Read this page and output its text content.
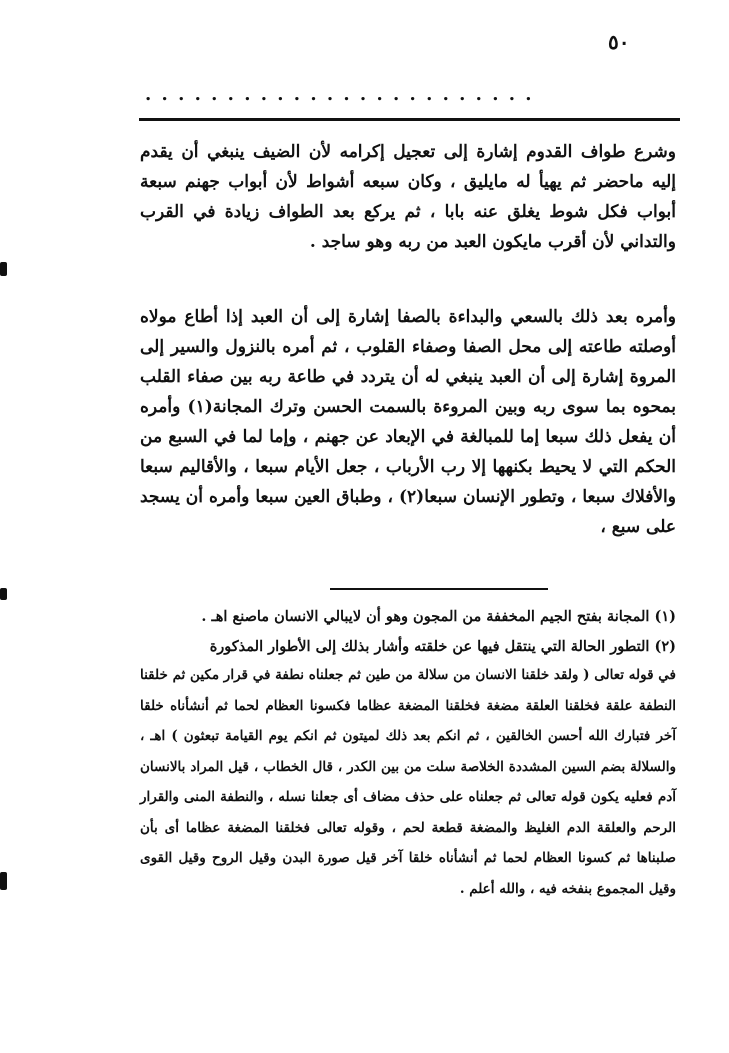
٥٠
. . . . . . . . . . . . . . . . . . . . . . . .

وشرع طواف القدوم إشارة إلى تعجيل إكرامه لأن الضيف ينبغي أن يقدم إليه ماحضر ثم يهيأ له مايليق ، وكان سبعه أشواط لأن أبواب جهنم سبعة أبواب فكل شوط يغلق عنه بابا ، ثم يركع بعد الطواف زيادة في القرب والتداني لأن أقرب مايكون العبد من ربه وهو ساجد .

وأمره بعد ذلك بالسعي والبداءة بالصفا إشارة إلى أن العبد إذا أطاع مولاه أوصلته طاعته إلى محل الصفا وصفاء القلوب ، ثم أمره بالنزول والسير إلى المروة إشارة إلى أن العبد ينبغي له أن يتردد في طاعة ربه بين صفاء القلب بمحوه بما سوى ربه وبين المروءة بالسمت الحسن وترك المجانة(١) وأمره أن يفعل ذلك سبعا إما للمبالغة في الإبعاد عن جهنم ، وإما لما في السبع من الحكم التي لا يحيط بكنهها إلا رب الأرباب ، جعل الأيام سبعا ، والأقاليم سبعا والأفلاك سبعا ، وتطور الإنسان سبعا(٢) ، وطباق العين سبعا وأمره أن يسجد على سبع ،

(١) المجانة بفتح الجيم المخففة من المجون وهو أن لايبالي الانسان ماصنع اهـ .

(٢) التطور الحالة التي ينتقل فيها عن خلقته وأشار بذلك إلى الأطوار المذكورة

في قوله تعالى ( ولقد خلقنا الانسان من سلالة من طين ثم جعلناه نطفة في قرار مكين ثم خلقنا النطفة علقة فخلقنا العلقة مضغة فخلقنا المضغة عظاما فكسونا العظام لحما ثم أنشأناه خلقا آخر فتبارك الله أحسن الخالقين ، ثم انكم بعد ذلك لميتون ثم انكم يوم القيامة تبعثون ) اهـ ، والسلالة بضم السين المشددة الخلاصة سلت من بين الكدر ، قال الخطاب ، قيل المراد بالانسان آدم فعليه يكون قوله تعالى ثم جعلناه على حذف مضاف أى جعلنا نسله ، والنطفة المنى والقرار الرحم والعلقة الدم الغليظ والمضغة قطعة لحم ، وقوله تعالى فخلقنا المضغة عظاما أى بأن صلبناها ثم كسونا العظام لحما ثم أنشأناه خلقا آخر قيل صورة البدن وقيل الروح وقيل القوى وقيل المجموع بنفخه فيه ، والله أعلم .
